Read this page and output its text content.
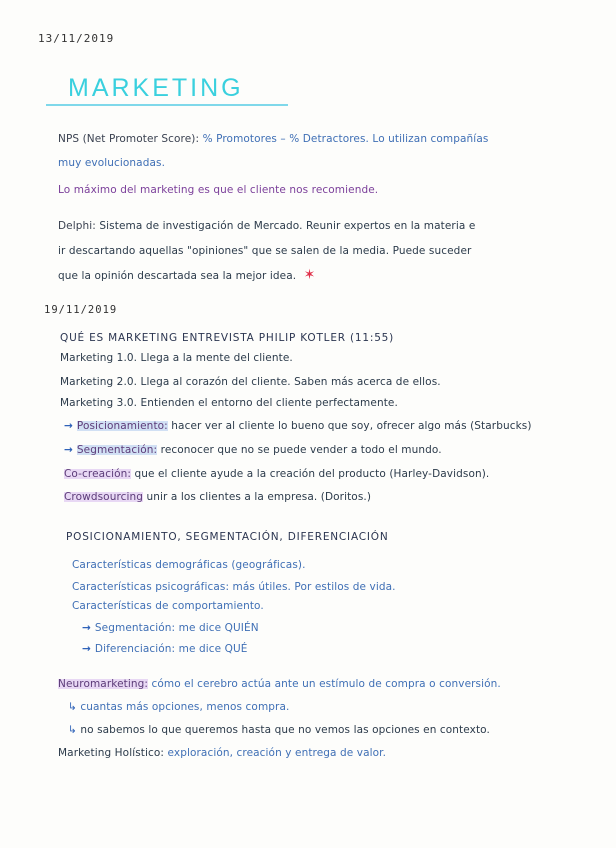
13/11/2019
MARKETING
NPS (Net Promoter Score): % Promotores – % Detractores. Lo utilizan compañías
muy evolucionadas.
Lo máximo del marketing es que el cliente nos recomiende.
Delphi: Sistema de investigación de Mercado. Reunir expertos en la materia e
ir descartando aquellas "opiniones" que se salen de la media. Puede suceder
que la opinión descartada sea la mejor idea. ✶
19/11/2019
QUÉ ES MARKETING ENTREVISTA PHILIP KOTLER (11:55)
Marketing 1.0. Llega a la mente del cliente.
Marketing 2.0. Llega al corazón del cliente. Saben más acerca de ellos.
Marketing 3.0. Entienden el entorno del cliente perfectamente.
→ Posicionamiento: hacer ver al cliente lo bueno que soy, ofrecer algo más (Starbucks)
→ Segmentación: reconocer que no se puede vender a todo el mundo.
Co-creación: que el cliente ayude a la creación del producto (Harley-Davidson).
Crowdsourcing unir a los clientes a la empresa. (Doritos.)
POSICIONAMIENTO, SEGMENTACIÓN, DIFERENCIACIÓN
Características demográficas (geográficas).
Características psicográficas: más útiles. Por estilos de vida.
Características de comportamiento.
→ Segmentación: me dice QUIÉN
→ Diferenciación: me dice QUÉ
Neuromarketing: cómo el cerebro actúa ante un estímulo de compra o conversión.
↳ cuantas más opciones, menos compra.
↳ no sabemos lo que queremos hasta que no vemos las opciones en contexto.
Marketing Holístico: exploración, creación y entrega de valor.
